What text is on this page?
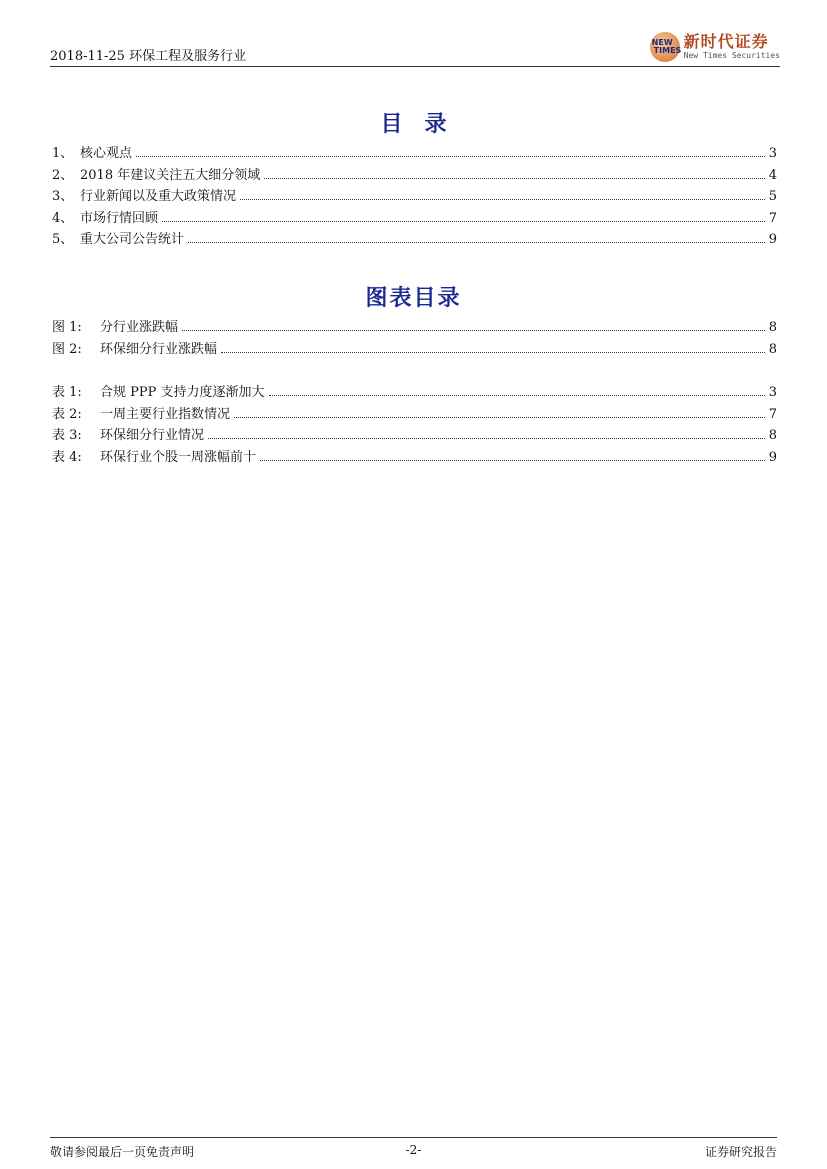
2018-11-25 环保工程及服务行业
NEW
TIMES 新时代证券
New Times Securities
目录
1、 核心观点	3
2、 2018 年建议关注五大细分领域	4
3、 行业新闻以及重大政策情况	5
4、 市场行情回顾	7
5、 重大公司公告统计	9
图表目录
图 1:	分行业涨跌幅	8
图 2:	环保细分行业涨跌幅	8
表 1:	合规 PPP 支持力度逐渐加大	3
表 2:	一周主要行业指数情况	7
表 3:	环保细分行业情况	8
表 4:	环保行业个股一周涨幅前十	9
敬请参阅最后一页免责声明	-2-	证券研究报告
